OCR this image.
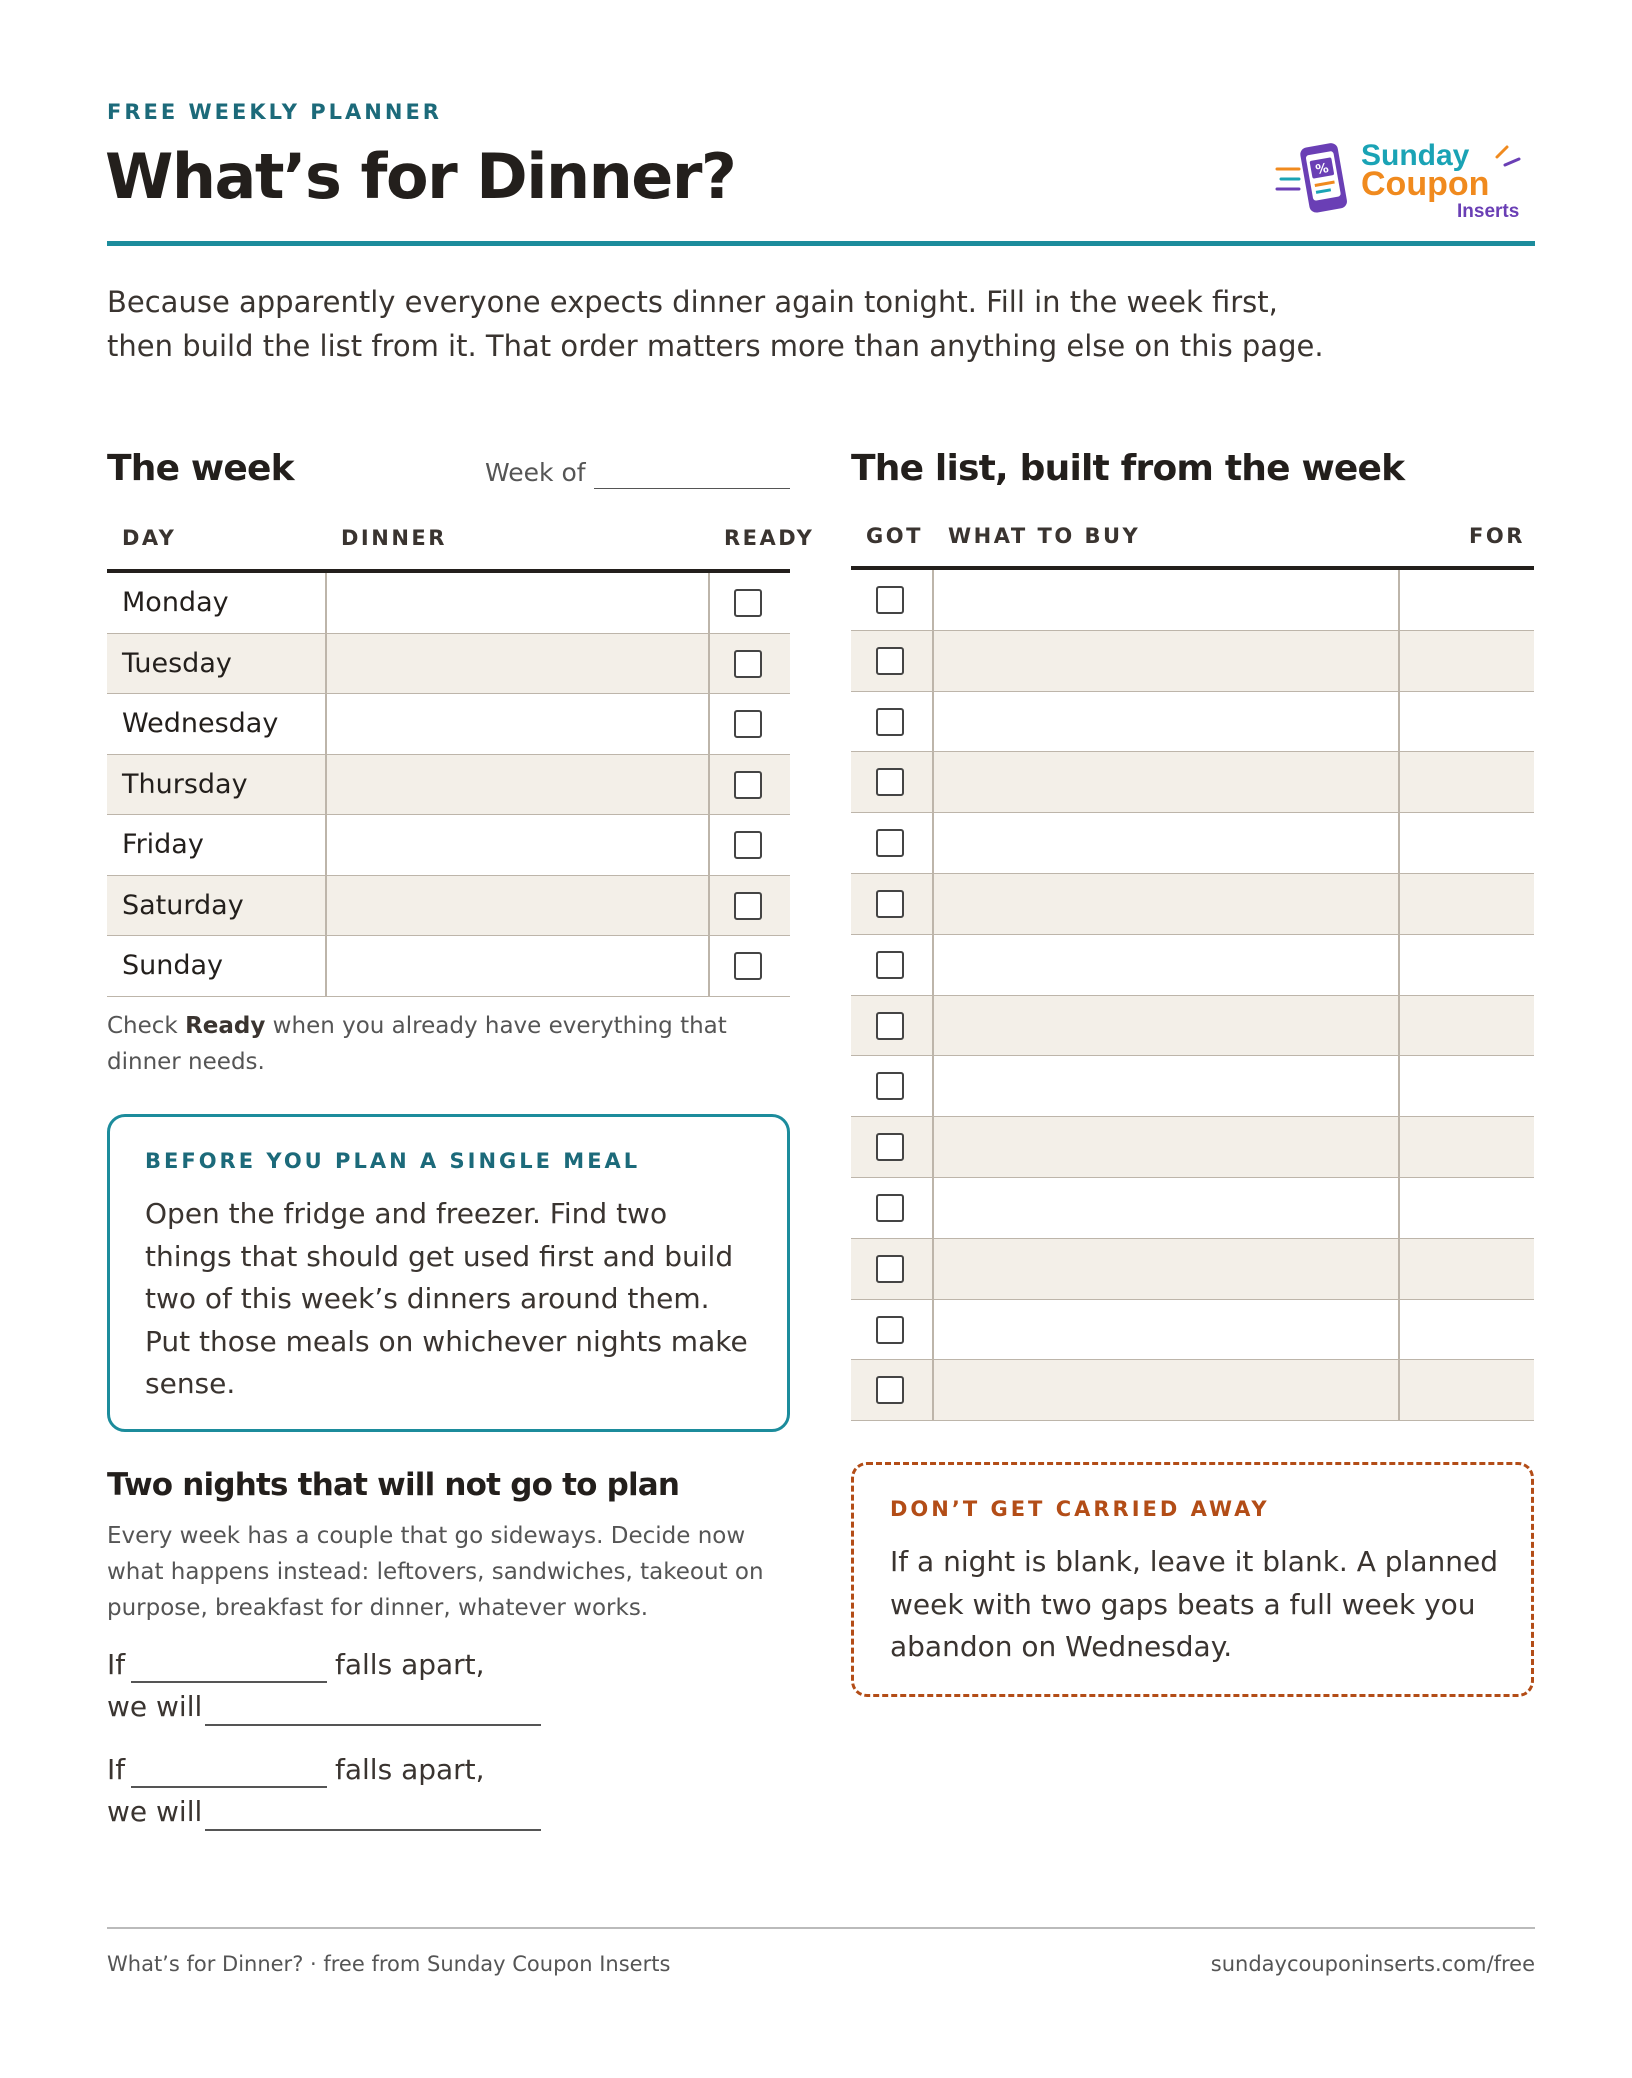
FREE WEEKLY PLANNER
What’s for Dinner?	% Sunday
Coupon
Inserts

Because apparently everyone expects dinner again tonight. Fill in the week first, then build the list from it. That order matters more than anything else on this page.

The week	Week of
DAY	DINNER	READY
Monday
Tuesday
Wednesday
Thursday
Friday
Saturday
Sunday

Check Ready when you already have everything that dinner needs.

BEFORE YOU PLAN A SINGLE MEAL

Open the fridge and freezer. Find two things that should get used first and build two of this week’s dinners around them. Put those meals on whichever nights make sense.

Two nights that will not go to plan

Every week has a couple that go sideways. Decide now what happens instead: leftovers, sandwiches, takeout on purpose, breakfast for dinner, whatever works.

If	falls apart,
we will
If	falls apart,
we will
The list, built from the week
GOT WHAT TO BUY	FOR
DON’T GET CARRIED AWAY

If a night is blank, leave it blank. A planned week with two gaps beats a full week you abandon on Wednesday.

What’s for Dinner? · free from Sunday Coupon Inserts	sundaycouponinserts.com/free
